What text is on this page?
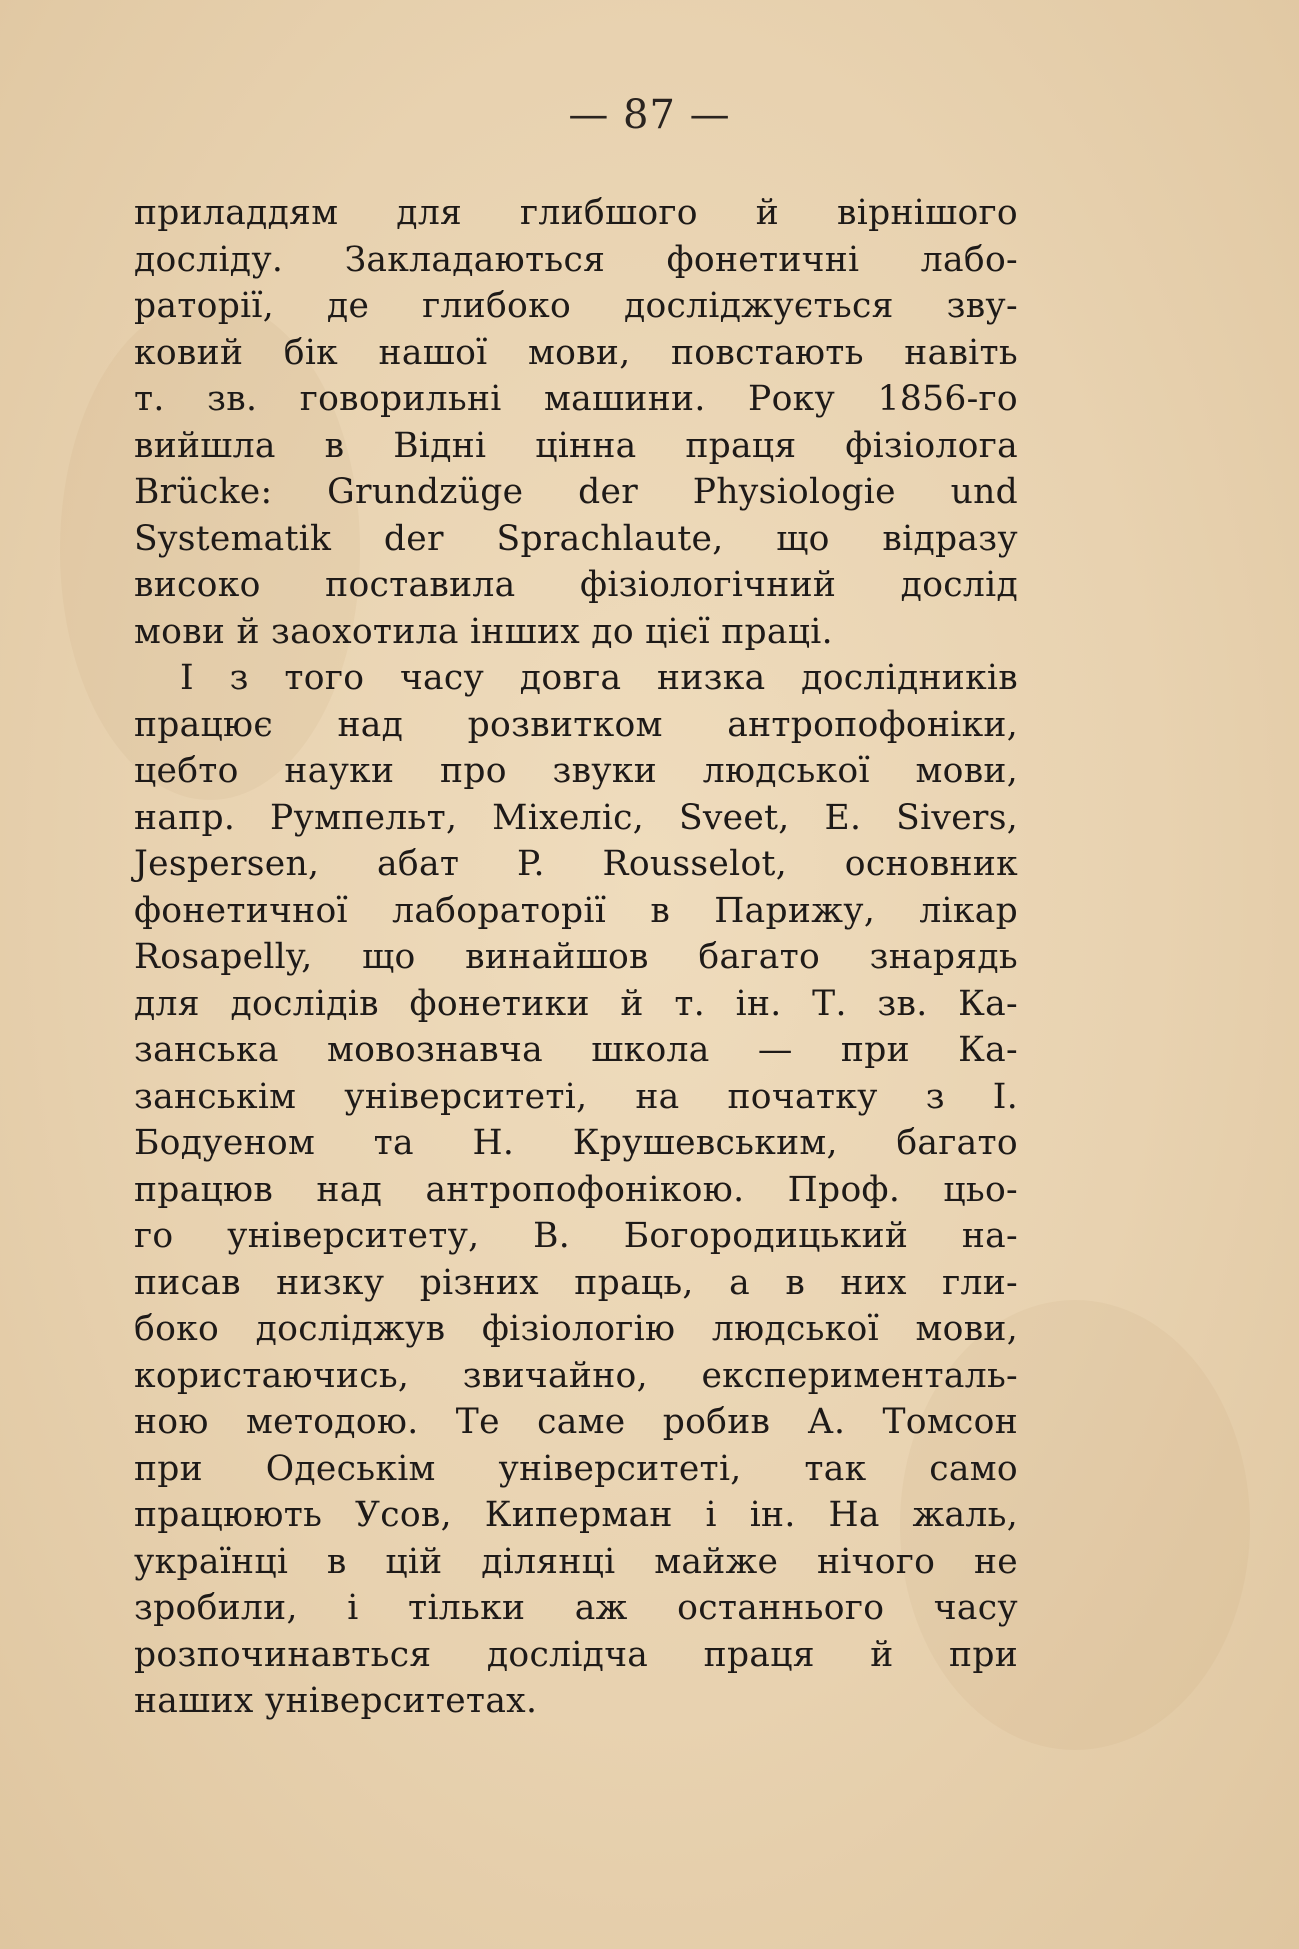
— 87 —
приладдям для глибшого й вірнішого
досліду. Закладаються фонетичні лабо-
раторії, де глибоко досліджується зву-
ковий бік нашої мови, повстають навіть
т. зв. говорильні машини. Року 1856-го
вийшла в Відні цінна праця фізіолога
Brücke: Grundzüge der Physiologie und
Systematik der Sprachlaute, що відразу
високо поставила фізіологічний дослід
мови й заохотила інших до цієї праці.
І з того часу довга низка дослідників
працює над розвитком антропофоніки,
цебто науки про звуки людської мови,
напр. Румпельт, Міхеліс, Sveet, E. Sivers,
Jespersen, абат P. Rousselot, основник
фонетичної лабораторії в Парижу, лікар
Rosapelly, що винайшов багато знарядь
для дослідів фонетики й т. ін. Т. зв. Ка-
занська мовознавча школа — при Ка-
занськім університеті, на початку з І.
Бодуеном та Н. Крушевським, багато
працюв над антропофонікою. Проф. цьо-
го університету, В. Богородицький на-
писав низку різних праць, а в них гли-
боко досліджув фізіологію людської мови,
користаючись, звичайно, експерименталь-
ною методою. Те саме робив А. Томсон
при Одеськім університеті, так само
працюють Усов, Киперман і ін. На жаль,
українці в цій ділянці майже нічого не
зробили, і тільки аж останнього часу
розпочинавться дослідча праця й при
наших університетах.
